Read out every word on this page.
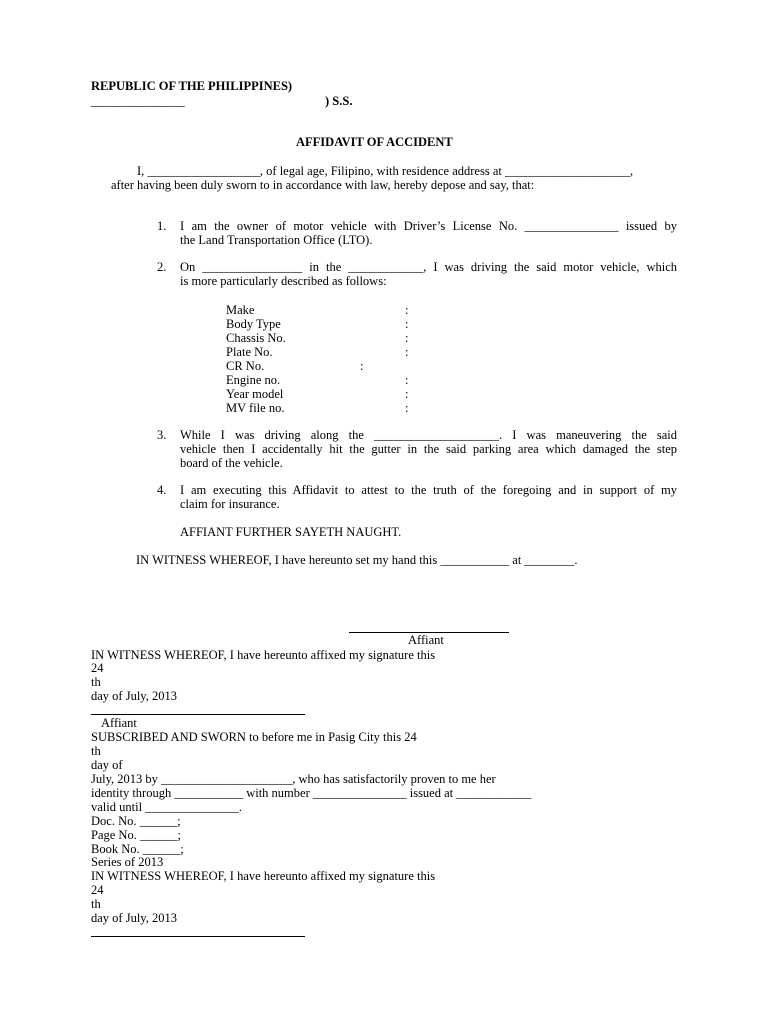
REPUBLIC OF THE PHILIPPINES)
_______________	) S.S.
AFFIDAVIT OF ACCIDENT
I, __________________, of legal age, Filipino, with residence address at ____________________,
after having been duly sworn to in accordance with law, hereby depose and say, that:
1. I am the owner of motor vehicle with Driver’s License No. _______________ issued by
the Land Transportation Office (LTO).
2. On ________________ in the ____________, I was driving the said motor vehicle, which
is more particularly described as follows:
Make	:
Body Type	:
Chassis No.	:
Plate No.	:
CR No.	:
Engine no.	:
Year model	:
MV file no.	:
3. While I was driving along the ____________________. I was maneuvering the said
vehicle then I accidentally hit the gutter in the said parking area which damaged the step
board of the vehicle.
4. I am executing this Affidavit to attest to the truth of the foregoing and in support of my
claim for insurance.
AFFIANT FURTHER SAYETH NAUGHT.
IN WITNESS WHEREOF, I have hereunto set my hand this ___________ at ________.
Affiant
IN WITNESS WHEREOF, I have hereunto affixed my signature this
24
th
day of July, 2013
Affiant
SUBSCRIBED AND SWORN to before me in Pasig City this 24
th
day of
July, 2013 by _____________________, who has satisfactorily proven to me her
identity through ___________ with number _______________ issued at ____________
valid until _______________.
Doc. No. ______;
Page No. ______;
Book No. ______;
Series of 2013
IN WITNESS WHEREOF, I have hereunto affixed my signature this
24
th
day of July, 2013
